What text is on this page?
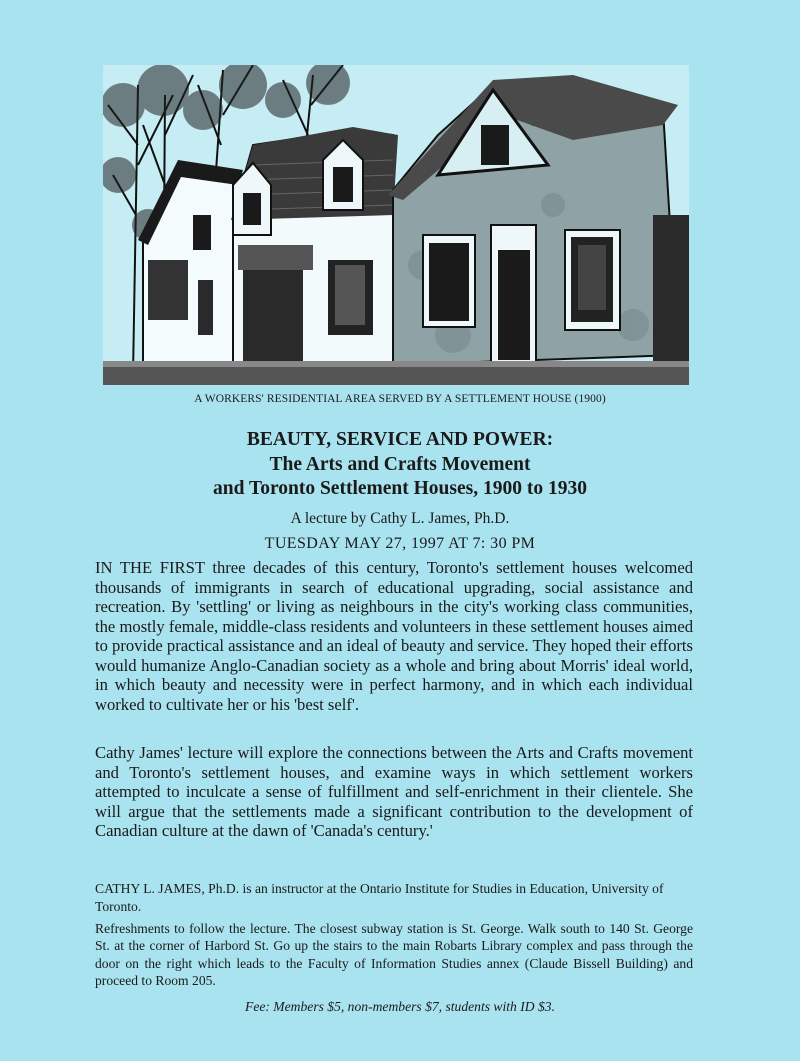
A WORKERS' RESIDENTIAL AREA SERVED BY A SETTLEMENT HOUSE (1900)
BEAUTY, SERVICE AND POWER:
The Arts and Crafts Movement
and Toronto Settlement Houses, 1900 to 1930
A lecture by Cathy L. James, Ph.D.
TUESDAY MAY 27, 1997 AT 7: 30 PM
IN THE FIRST three decades of this century, Toronto's settlement houses welcomed thousands of immigrants in search of educational upgrading, social assistance and recreation. By 'settling' or living as neighbours in the city's working class communities, the mostly female, middle-class residents and volunteers in these settlement houses aimed to provide practical assistance and an ideal of beauty and service. They hoped their efforts would humanize Anglo-Canadian society as a whole and bring about Morris' ideal world, in which beauty and necessity were in perfect harmony, and in which each individual worked to cultivate her or his 'best self'.
Cathy James' lecture will explore the connections between the Arts and Crafts movement and Toronto's settlement houses, and examine ways in which settlement workers attempted to inculcate a sense of fulfillment and self-enrichment in their clientele. She will argue that the settlements made a significant contribution to the development of Canadian culture at the dawn of 'Canada's century.'
CATHY L. JAMES, Ph.D. is an instructor at the Ontario Institute for Studies in Education, University of Toronto.
Refreshments to follow the lecture. The closest subway station is St. George. Walk south to 140 St. George St. at the corner of Harbord St. Go up the stairs to the main Robarts Library complex and pass through the door on the right which leads to the Faculty of Information Studies annex (Claude Bissell Building) and proceed to Room 205.
Fee: Members $5, non-members $7, students with ID $3.
